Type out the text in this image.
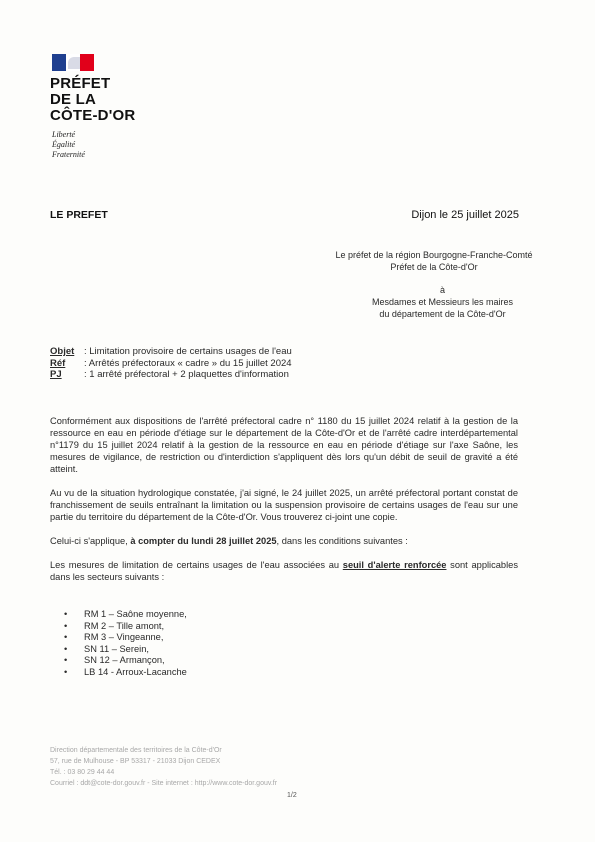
PRÉFET
DE LA
CÔTE-D'OR
Liberté
Égalité
Fraternité
LE PREFET	Dijon le 25 juillet 2025
Le préfet de la région Bourgogne-Franche-Comté
Préfet de la Côte-d'Or
à
Mesdames et Messieurs les maires
du département de la Côte-d'Or
Objet	: Limitation provisoire de certains usages de l'eau
Réf	: Arrêtés préfectoraux « cadre » du 15 juillet 2024
PJ	: 1 arrêté préfectoral + 2 plaquettes d'information

Conformément aux dispositions de l'arrêté préfectoral cadre n° 1180 du 15 juillet 2024 relatif à la gestion de la ressource en eau en période d'étiage sur le département de la Côte-d'Or et de l'arrêté cadre interdépartemental n°1179 du 15 juillet 2024 relatif à la gestion de la ressource en eau en période d'étiage sur l'axe Saône, les mesures de vigilance, de restriction ou d'interdiction s'appliquent dès lors qu'un débit de seuil de gravité a été atteint.

Au vu de la situation hydrologique constatée, j'ai signé, le 24 juillet 2025, un arrêté préfectoral portant constat de franchissement de seuils entraînant la limitation ou la suspension provisoire de certains usages de l'eau sur une partie du territoire du département de la Côte-d'Or. Vous trouverez ci-joint une copie.

Celui-ci s'applique, à compter du lundi 28 juillet 2025, dans les conditions suivantes :

Les mesures de limitation de certains usages de l'eau associées au seuil d'alerte renforcée sont applicables dans les secteurs suivants :

• RM 1 – Saône moyenne,
• RM 2 – Tille amont,
• RM 3 – Vingeanne,
• SN 11 – Serein,
• SN 12 – Armançon,
• LB 14 - Arroux-Lacanche
Direction départementale des territoires de la Côte-d'Or
57, rue de Mulhouse - BP 53317 - 21033 Dijon CEDEX
Tél. : 03 80 29 44 44
Courriel : ddt@cote-dor.gouv.fr - Site internet : http://www.cote-dor.gouv.fr
1/2
